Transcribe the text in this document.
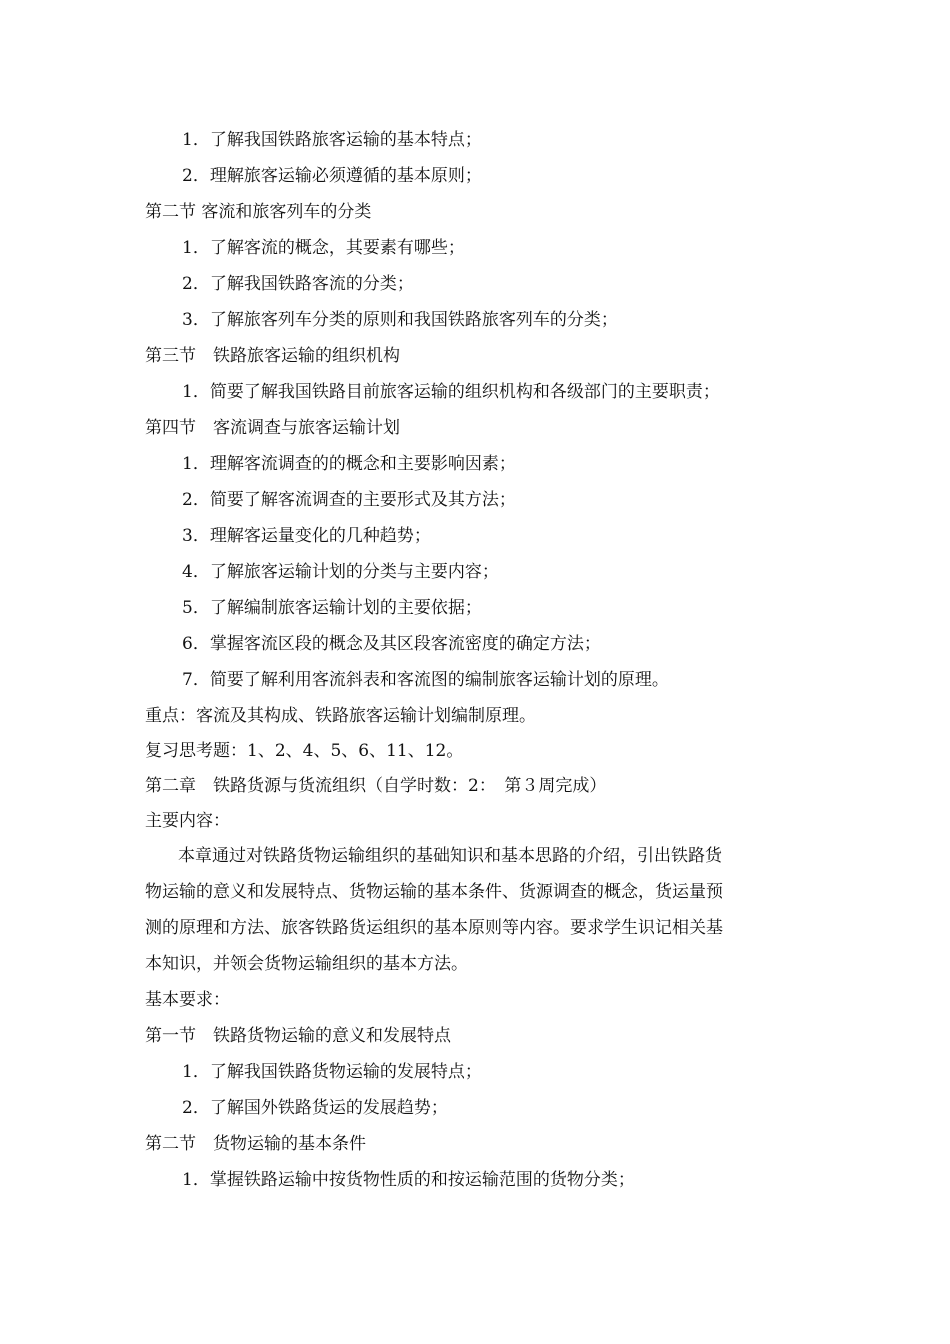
1．了解我国铁路旅客运输的基本特点；
2．理解旅客运输必须遵循的基本原则；
第二节 客流和旅客列车的分类
1．了解客流的概念，其要素有哪些；
2．了解我国铁路客流的分类；
3．了解旅客列车分类的原则和我国铁路旅客列车的分类；
第三节　铁路旅客运输的组织机构
1．简要了解我国铁路目前旅客运输的组织机构和各级部门的主要职责；
第四节　客流调查与旅客运输计划
1．理解客流调查的的概念和主要影响因素；
2．简要了解客流调查的主要形式及其方法；
3．理解客运量变化的几种趋势；
4．了解旅客运输计划的分类与主要内容；
5．了解编制旅客运输计划的主要依据；
6．掌握客流区段的概念及其区段客流密度的确定方法；
7．简要了解利用客流斜表和客流图的编制旅客运输计划的原理。
重点：客流及其构成、铁路旅客运输计划编制原理。
复习思考题：1、2、4、5、6、11、12。
第二章　铁路货源与货流组织（自学时数：2：　第３周完成）
主要内容：
本章通过对铁路货物运输组织的基础知识和基本思路的介绍，引出铁路货
物运输的意义和发展特点、货物运输的基本条件、货源调查的概念，货运量预
测的原理和方法、旅客铁路货运组织的基本原则等内容。要求学生识记相关基
本知识，并领会货物运输组织的基本方法。
基本要求：
第一节　铁路货物运输的意义和发展特点
1．了解我国铁路货物运输的发展特点；
2．了解国外铁路货运的发展趋势；
第二节　货物运输的基本条件
1．掌握铁路运输中按货物性质的和按运输范围的货物分类；
